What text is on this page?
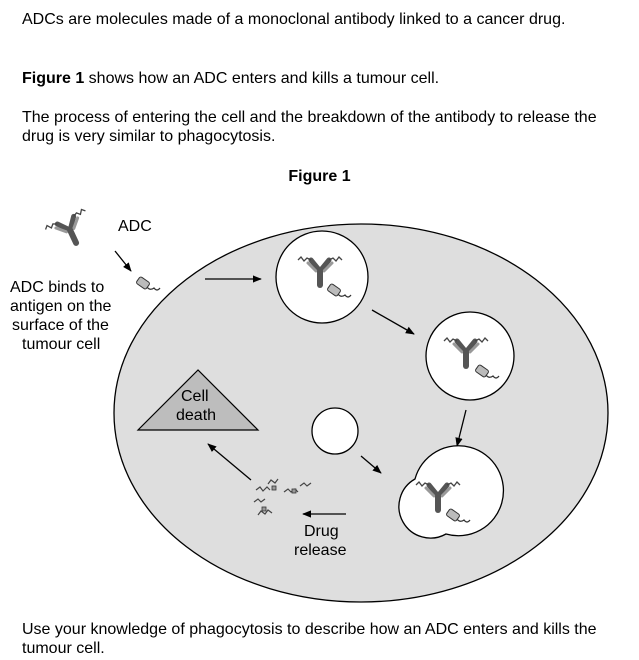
ADCs are molecules made of a monoclonal antibody linked to a cancer drug.
Figure 1 shows how an ADC enters and kills a tumour cell.
The process of entering the cell and the breakdown of the antibody to release the drug is very similar to phagocytosis.
Figure 1
ADC
ADC binds to
antigen on the
surface of the
tumour cell
Drug
release
Cell
death
Use your knowledge of phagocytosis to describe how an ADC enters and kills the tumour cell.
